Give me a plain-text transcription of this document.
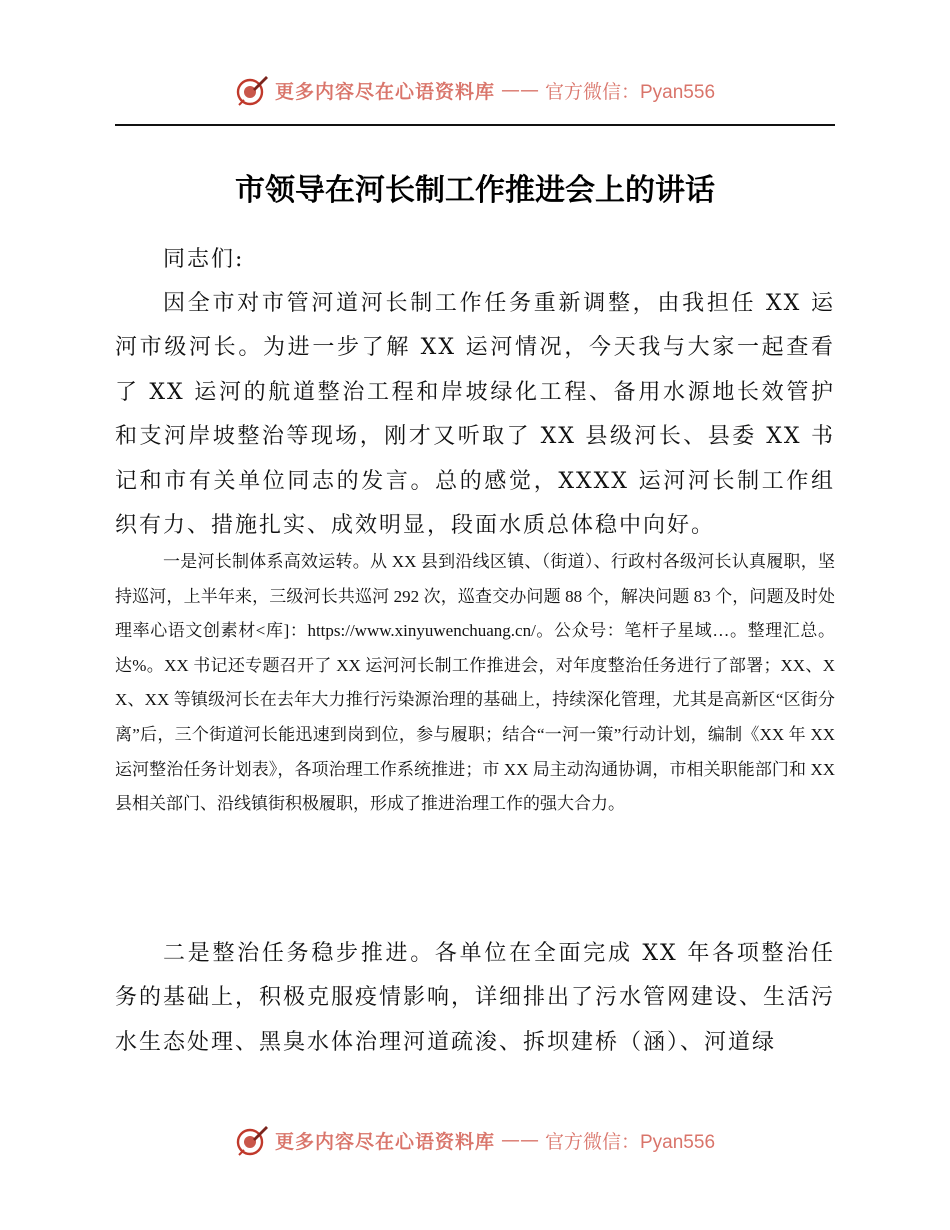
更多内容尽在心语资料库 —— 官方微信：Pyan556
市领导在河长制工作推进会上的讲话
同志们:
因全市对市管河道河长制工作任务重新调整，由我担任 XX 运河市级河长。为进一步了解 XX 运河情况，今天我与大家一起查看了 XX 运河的航道整治工程和岸坡绿化工程、备用水源地长效管护和支河岸坡整治等现场，刚才又听取了 XX 县级河长、县委 XX 书记和市有关单位同志的发言。总的感觉，XXXX 运河河长制工作组织有力、措施扎实、成效明显，段面水质总体稳中向好。
一是河长制体系高效运转。从 XX 县到沿线区镇、（街道）、行政村各级河长认真履职，坚持巡河，上半年来，三级河长共巡河 292 次，巡查交办问题 88 个，解决问题 83 个，问题及时处理率心语文创素材<库]：https://www.xinyuwenchuang.cn/。公众号：笔杆子星域…。整理汇总。达%。XX 书记还专题召开了 XX 运河河长制工作推进会，对年度整治任务进行了部署；XX、XX、XX 等镇级河长在去年大力推行污染源治理的基础上，持续深化管理，尤其是高新区“区街分离”后，三个街道河长能迅速到岗到位，参与履职；结合“一河一策”行动计划，编制《XX 年 XX 运河整治任务计划表》，各项治理工作系统推进；市 XX 局主动沟通协调，市相关职能部门和 XX 县相关部门、沿线镇街积极履职，形成了推进治理工作的强大合力。
二是整治任务稳步推进。各单位在全面完成 XX 年各项整治任务的基础上，积极克服疫情影响，详细排出了污水管网建设、生活污水生态处理、黑臭水体治理河道疏浚、拆坝建桥（涵）、河道绿
更多内容尽在心语资料库 —— 官方微信：Pyan556
